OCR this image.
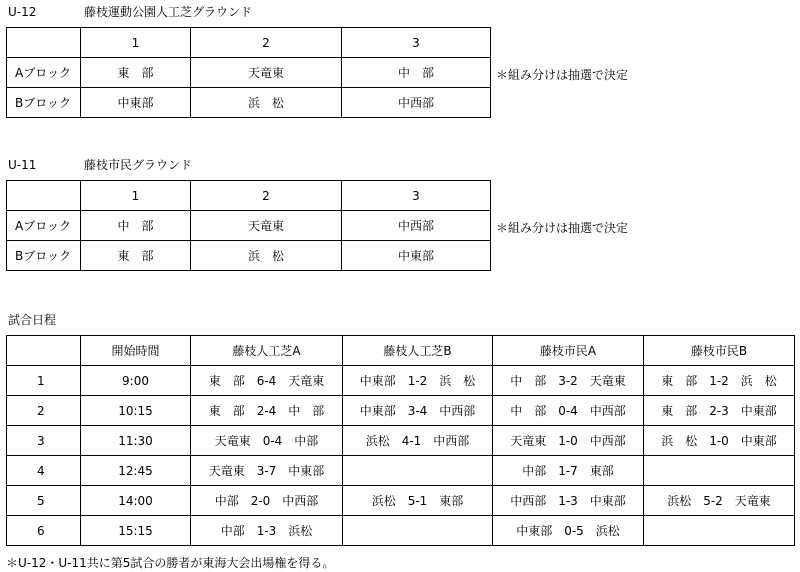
U-12	藤枝運動公園人工芝グラウンド
	1	2	3
Aブロック	東　部	天竜東	中　部
Bブロック	中東部	浜　松	中西部
＊組み分けは抽選で決定
U-11	藤枝市民グラウンド
	1	2	3
Aブロック	中　部	天竜東	中西部
Bブロック	東　部	浜　松	中東部
＊組み分けは抽選で決定
試合日程
	開始時間	藤枝人工芝A	藤枝人工芝B	藤枝市民A	藤枝市民B
1	9:00	東　部　6-4　天竜東	中東部　1-2　浜　松	中　部　3-2　天竜東	東　部　1-2　浜　松
2	10:15	東　部　2-4　中　部	中東部　3-4　中西部	中　部　0-4　中西部	東　部　2-3　中東部
3	11:30	天竜東　0-4　中部	浜松　4-1　中西部	天竜東　1-0　中西部	浜　松　1-0　中東部
4	12:45	天竜東　3-7　中東部		中部　1-7　東部	
5	14:00	中部　2-0　中西部	浜松　5-1　東部	中西部　1-3　中東部	浜松　5-2　天竜東
6	15:15	中部　1-3　浜松		中東部　0-5　浜松	
＊U-12・U-11共に第5試合の勝者が東海大会出場権を得る。
